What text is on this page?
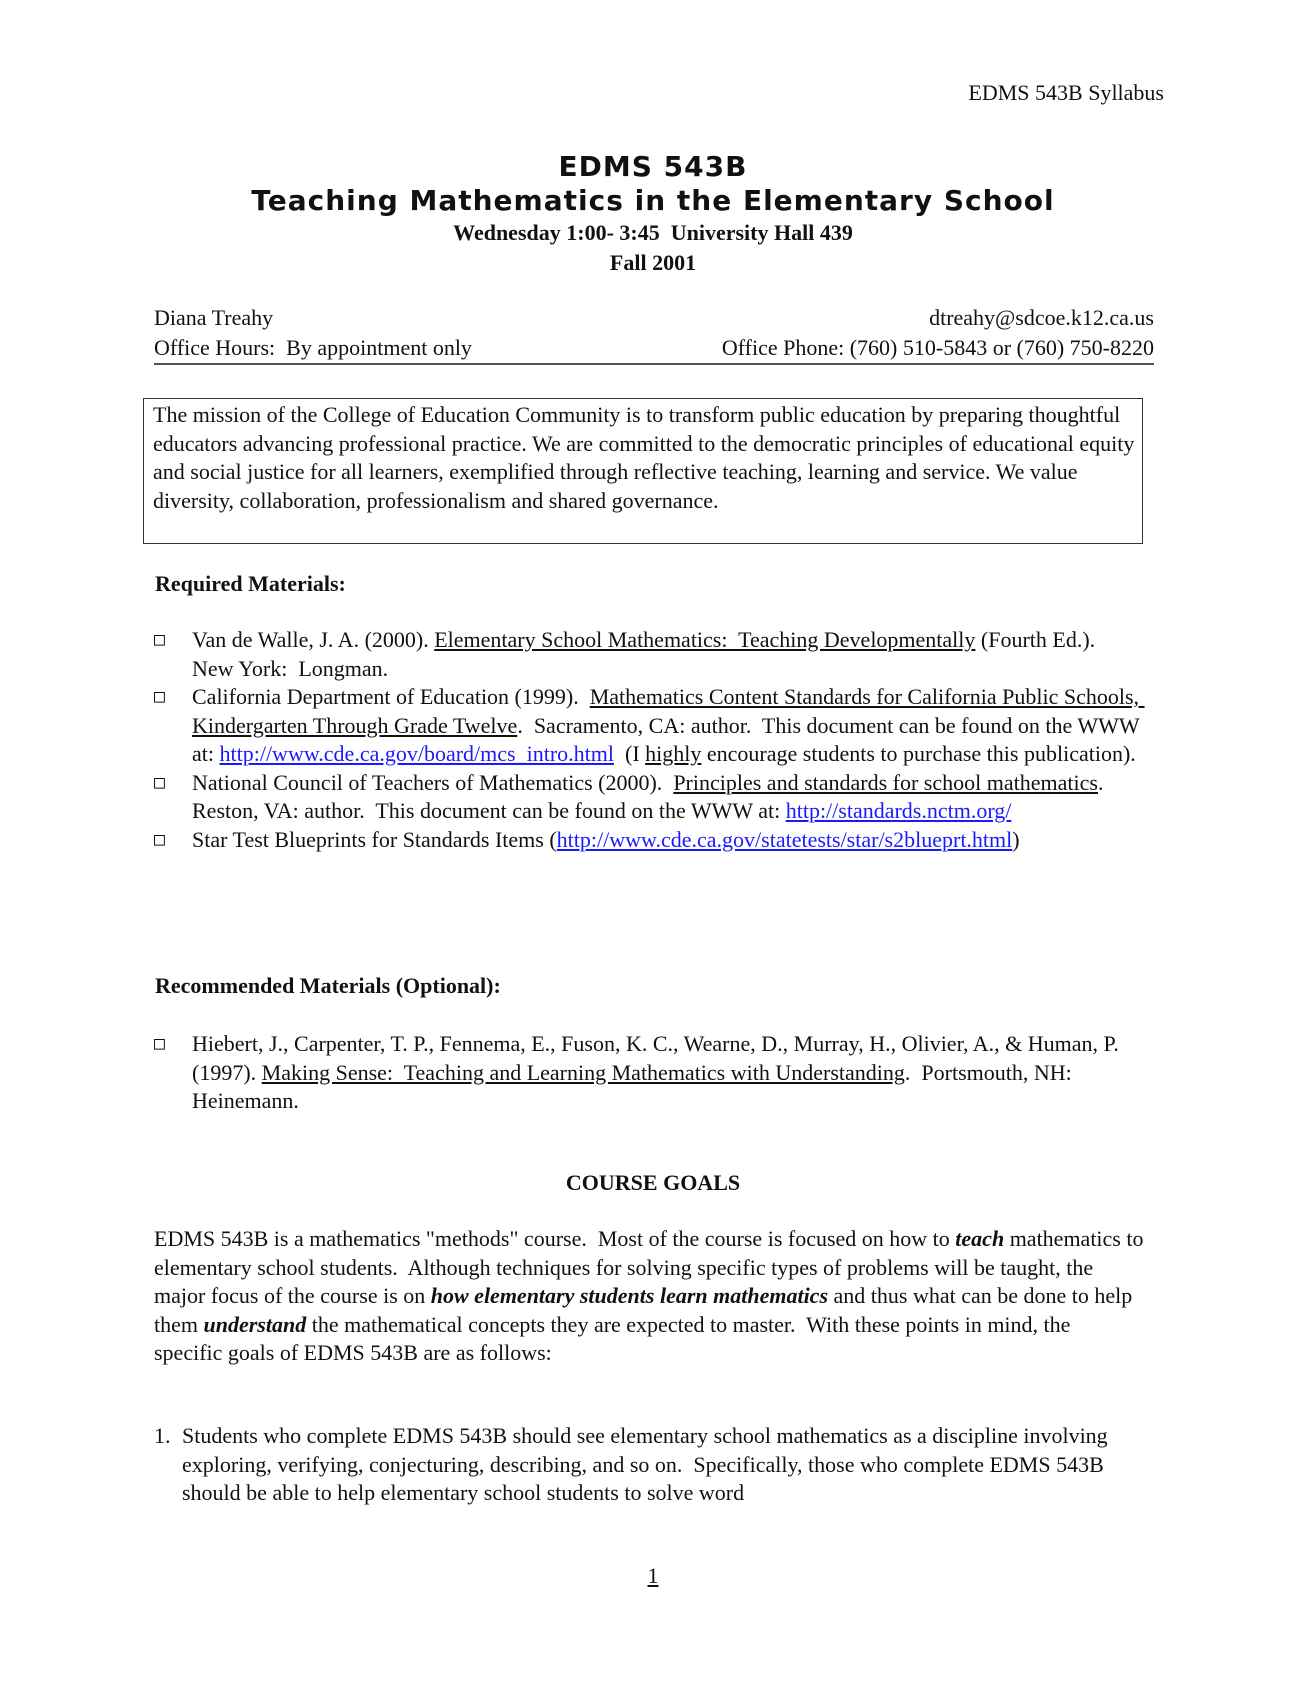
EDMS 543B Syllabus
EDMS 543B
Teaching Mathematics in the Elementary School
Wednesday 1:00- 3:45  University Hall 439
Fall 2001
Diana Treahy	dtreahy@sdcoe.k12.ca.us
Office Hours:  By appointment only	Office Phone: (760) 510-5843 or (760) 750-8220
The mission of the College of Education Community is to transform public education by preparing thoughtful educators advancing professional practice. We are committed to the democratic principles of educational equity and social justice for all learners, exemplified through reflective teaching, learning and service. We value diversity, collaboration, professionalism and shared governance.
Required Materials:
□	Van de Walle, J. A. (2000). Elementary School Mathematics:  Teaching Developmentally (Fourth Ed.).  New York:  Longman.
□	California Department of Education (1999).  Mathematics Content Standards for California Public Schools, Kindergarten Through Grade Twelve.  Sacramento, CA: author.  This document can be found on the WWW at: http://www.cde.ca.gov/board/mcs_intro.html  (I highly encourage students to purchase this publication).
□	National Council of Teachers of Mathematics (2000).  Principles and standards for school mathematics.  Reston, VA: author.  This document can be found on the WWW at: http://standards.nctm.org/
□	Star Test Blueprints for Standards Items (http://www.cde.ca.gov/statetests/star/s2blueprt.html)
Recommended Materials (Optional):
□	Hiebert, J., Carpenter, T. P., Fennema, E., Fuson, K. C., Wearne, D., Murray, H., Olivier, A., & Human, P. (1997). Making Sense:  Teaching and Learning Mathematics with Understanding.  Portsmouth, NH:  Heinemann.
COURSE GOALS
EDMS 543B is a mathematics "methods" course.  Most of the course is focused on how to teach mathematics to elementary school students.  Although techniques for solving specific types of problems will be taught, the major focus of the course is on how elementary students learn mathematics and thus what can be done to help them understand the mathematical concepts they are expected to master.  With these points in mind, the specific goals of EDMS 543B are as follows:
1. Students who complete EDMS 543B should see elementary school mathematics as a discipline involving exploring, verifying, conjecturing, describing, and so on.  Specifically, those who complete EDMS 543B should be able to help elementary school students to solve word
1
